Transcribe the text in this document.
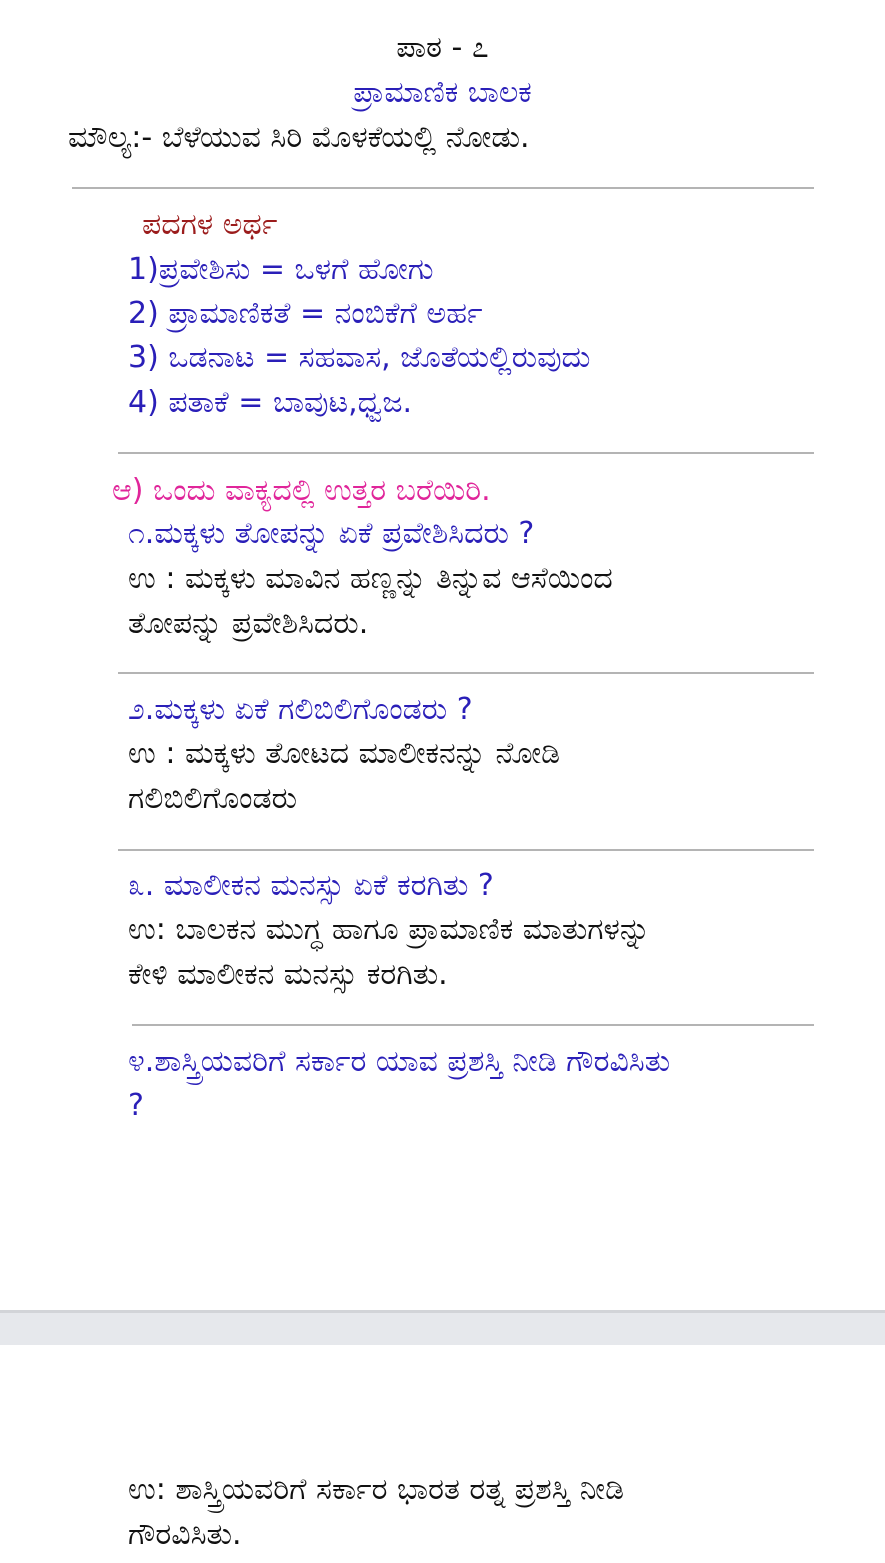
ಪಾಠ - ೭
ಪ್ರಾಮಾಣಿಕ ಬಾಲಕ
ಮೌಲ್ಯ:- ಬೆಳೆಯುವ ಸಿರಿ ಮೊಳಕೆಯಲ್ಲಿ ನೋಡು.
ಪದಗಳ ಅರ್ಥ
1)ಪ್ರವೇಶಿಸು = ಒಳಗೆ ಹೋಗು
2) ಪ್ರಾಮಾಣಿಕತೆ = ನಂಬಿಕೆಗೆ ಅರ್ಹ
3) ಒಡನಾಟ = ಸಹವಾಸ, ಜೊತೆಯಲ್ಲಿರುವುದು
4) ಪತಾಕೆ = ಬಾವುಟ,ಧ್ವಜ.
ಆ) ಒಂದು ವಾಕ್ಯದಲ್ಲಿ ಉತ್ತರ ಬರೆಯಿರಿ.
೧.ಮಕ್ಕಳು ತೋಪನ್ನು ಏಕೆ ಪ್ರವೇಶಿಸಿದರು ?
ಉ : ಮಕ್ಕಳು ಮಾವಿನ ಹಣ್ಣನ್ನು ತಿನ್ನುವ ಆಸೆಯಿಂದ
ತೋಪನ್ನು ಪ್ರವೇಶಿಸಿದರು.
೨.ಮಕ್ಕಳು ಏಕೆ ಗಲಿಬಿಲಿಗೊಂಡರು ?
ಉ : ಮಕ್ಕಳು ತೋಟದ ಮಾಲೀಕನನ್ನು ನೋಡಿ
ಗಲಿಬಿಲಿಗೊಂಡರು
೩. ಮಾಲೀಕನ ಮನಸ್ಸು ಏಕೆ ಕರಗಿತು ?
ಉ: ಬಾಲಕನ ಮುಗ್ಧ ಹಾಗೂ ಪ್ರಾಮಾಣಿಕ ಮಾತುಗಳನ್ನು
ಕೇಳಿ ಮಾಲೀಕನ ಮನಸ್ಸು ಕರಗಿತು.
೪.ಶಾಸ್ತ್ರಿಯವರಿಗೆ ಸರ್ಕಾರ ಯಾವ ಪ್ರಶಸ್ತಿ ನೀಡಿ ಗೌರವಿಸಿತು
?
ಉ: ಶಾಸ್ತ್ರಿಯವರಿಗೆ ಸರ್ಕಾರ ಭಾರತ ರತ್ನ ಪ್ರಶಸ್ತಿ ನೀಡಿ
ಗೌರವಿಸಿತು.
